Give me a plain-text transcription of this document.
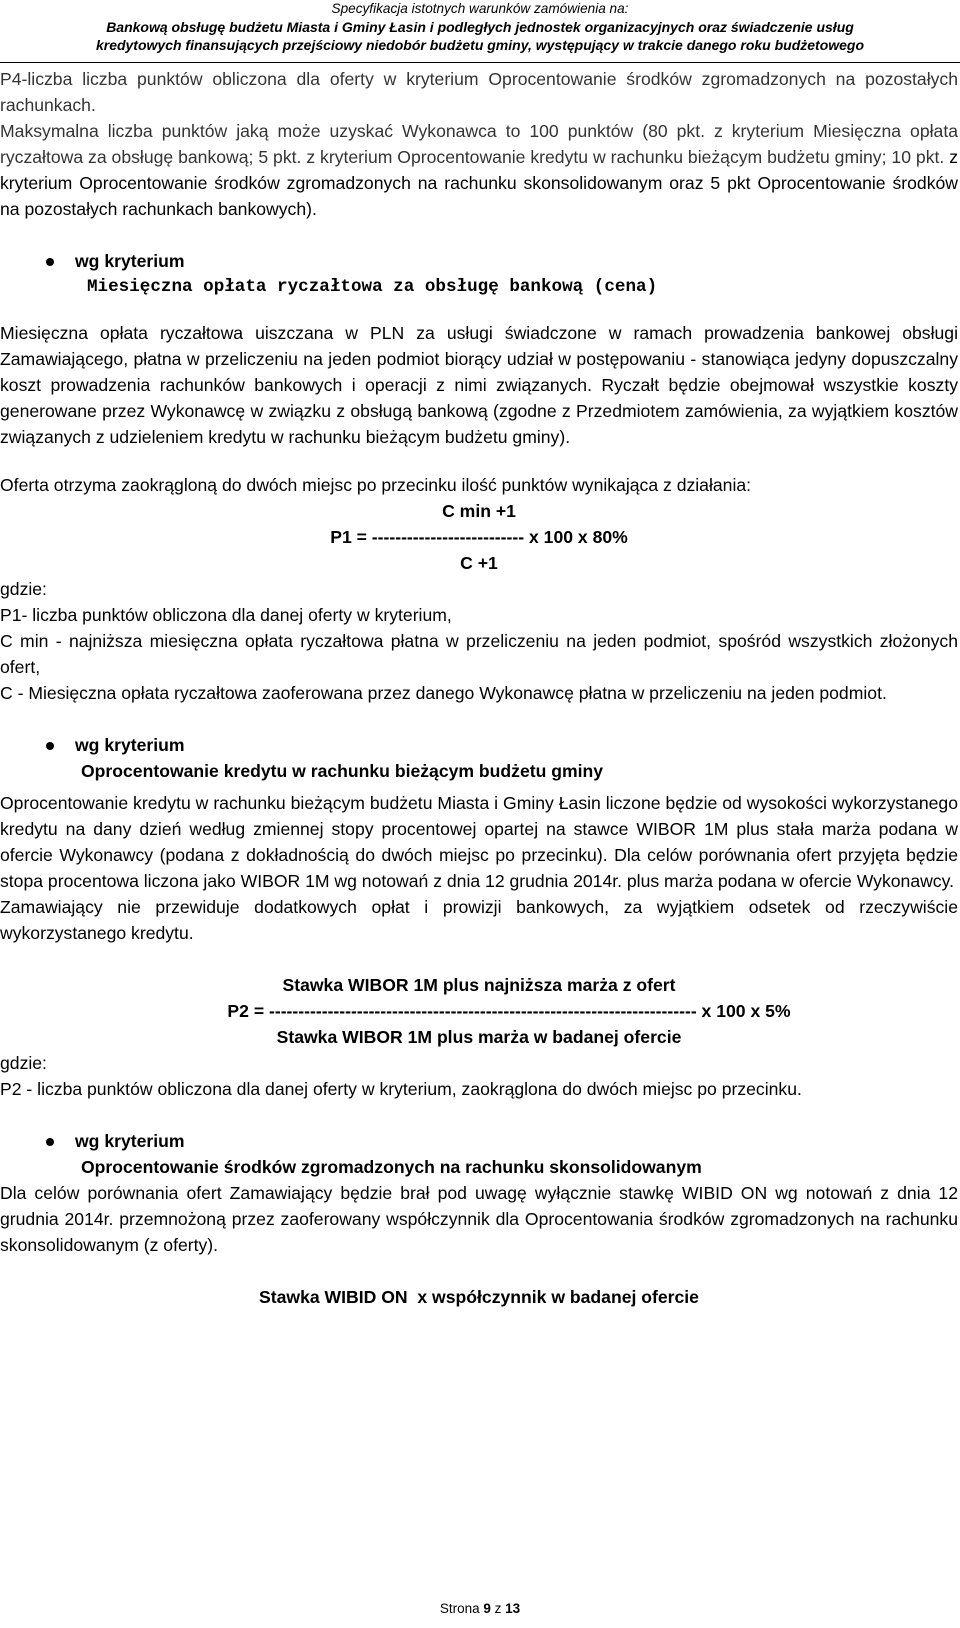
Specyfikacja istotnych warunków zamówienia na:
Bankową obsługę budżetu Miasta i Gminy Łasin i podległych jednostek organizacyjnych oraz świadczenie usług
kredytowych finansujących przejściowy niedobór budżetu gminy, występujący w trakcie danego roku budżetowego

P4-liczba liczba punktów obliczona dla oferty w kryterium Oprocentowanie środków zgromadzonych na pozostałych rachunkach.

Maksymalna liczba punktów jaką może uzyskać Wykonawca to 100 punktów (80 pkt. z kryterium Miesięczna opłata ryczałtowa za obsługę bankową; 5 pkt. z kryterium Oprocentowanie kredytu w rachunku bieżącym budżetu gminy; 10 pkt. z kryterium Oprocentowanie środków zgromadzonych na rachunku skonsolidowanym oraz 5 pkt Oprocentowanie środków na pozostałych rachunkach bankowych).

wg kryterium
Miesięczna opłata ryczałtowa za obsługę bankową (cena)

Miesięczna opłata ryczałtowa uiszczana w PLN za usługi świadczone w ramach prowadzenia bankowej obsługi Zamawiającego, płatna w przeliczeniu na jeden podmiot biorący udział w postępowaniu - stanowiąca jedyny dopuszczalny koszt prowadzenia rachunków bankowych i operacji z nimi związanych. Ryczałt będzie obejmował wszystkie koszty generowane przez Wykonawcę w związku z obsługą bankową (zgodne z Przedmiotem zamówienia, za wyjątkiem kosztów związanych z udzieleniem kredytu w rachunku bieżącym budżetu gminy).

Oferta otrzyma zaokrągloną do dwóch miejsc po przecinku ilość punktów wynikająca z działania:

C min +1
P1 = -------------------------- x 100 x 80%
C +1

gdzie:

P1- liczba punktów obliczona dla danej oferty w kryterium,

C min - najniższa miesięczna opłata ryczałtowa płatna w przeliczeniu na jeden podmiot, spośród wszystkich złożonych ofert,

C - Miesięczna opłata ryczałtowa zaoferowana przez danego Wykonawcę płatna w przeliczeniu na jeden podmiot.

wg kryterium
Oprocentowanie kredytu w rachunku bieżącym budżetu gminy

Oprocentowanie kredytu w rachunku bieżącym budżetu Miasta i Gminy Łasin liczone będzie od wysokości wykorzystanego kredytu na dany dzień według zmiennej stopy procentowej opartej na stawce WIBOR 1M plus stała marża podana w ofercie Wykonawcy (podana z dokładnością do dwóch miejsc po przecinku). Dla celów porównania ofert przyjęta będzie stopa procentowa liczona jako WIBOR 1M wg notowań z dnia 12 grudnia 2014r. plus marża podana w ofercie Wykonawcy.

Zamawiający nie przewiduje dodatkowych opłat i prowizji bankowych, za wyjątkiem odsetek od rzeczywiście wykorzystanego kredytu.

Stawka WIBOR 1M plus najniższa marża z ofert
P2 = ------------------------------------------------------------------------- x 100 x 5%
Stawka WIBOR 1M plus marża w badanej ofercie

gdzie:

P2 - liczba punktów obliczona dla danej oferty w kryterium, zaokrąglona do dwóch miejsc po przecinku.

wg kryterium
Oprocentowanie środków zgromadzonych na rachunku skonsolidowanym

Dla celów porównania ofert Zamawiający będzie brał pod uwagę wyłącznie stawkę WIBID ON wg notowań z dnia 12 grudnia 2014r. przemnożoną przez zaoferowany współczynnik dla Oprocentowania środków zgromadzonych na rachunku skonsolidowanym (z oferty).

Stawka WIBID ON  x współczynnik w badanej ofercie
Strona 9 z 13
